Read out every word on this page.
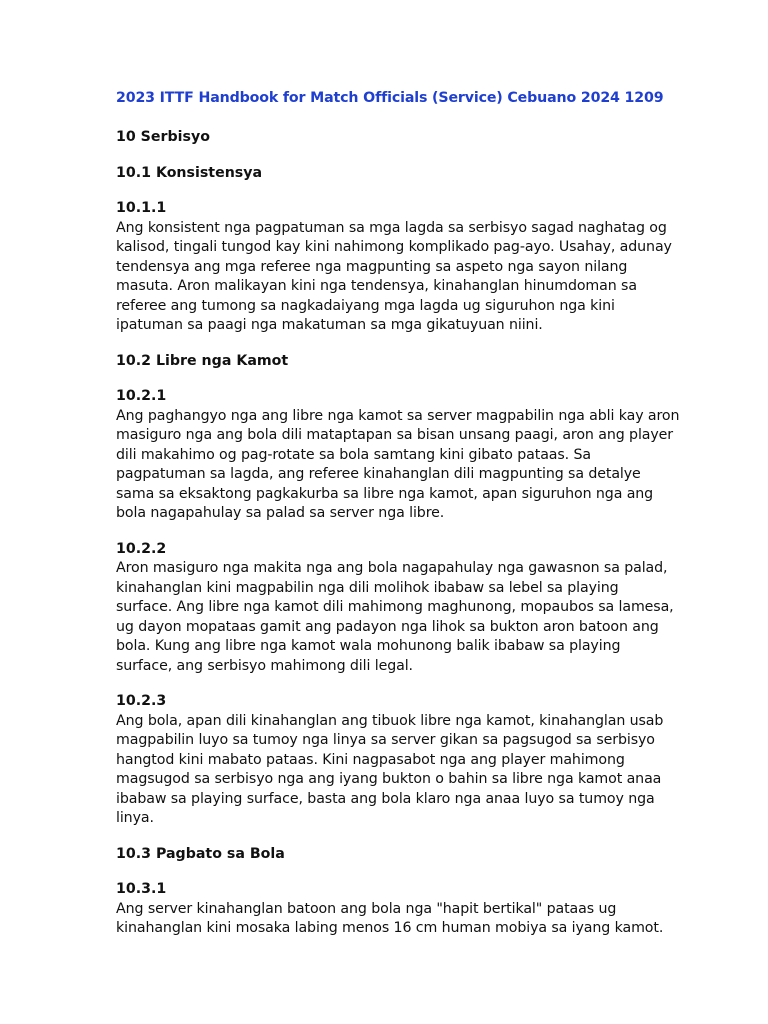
2023 ITTF Handbook for Match Officials (Service) Cebuano 2024 1209
10 Serbisyo
10.1 Konsistensya
10.1.1
Ang konsistent nga pagpatuman sa mga lagda sa serbisyo sagad naghatag og
kalisod, tingali tungod kay kini nahimong komplikado pag-ayo. Usahay, adunay
tendensya ang mga referee nga magpunting sa aspeto nga sayon nilang
masuta. Aron malikayan kini nga tendensya, kinahanglan hinumdoman sa
referee ang tumong sa nagkadaiyang mga lagda ug siguruhon nga kini
ipatuman sa paagi nga makatuman sa mga gikatuyuan niini.
10.2 Libre nga Kamot
10.2.1
Ang paghangyo nga ang libre nga kamot sa server magpabilin nga abli kay aron
masiguro nga ang bola dili mataptapan sa bisan unsang paagi, aron ang player
dili makahimo og pag-rotate sa bola samtang kini gibato pataas. Sa
pagpatuman sa lagda, ang referee kinahanglan dili magpunting sa detalye
sama sa eksaktong pagkakurba sa libre nga kamot, apan siguruhon nga ang
bola nagapahulay sa palad sa server nga libre.
10.2.2
Aron masiguro nga makita nga ang bola nagapahulay nga gawasnon sa palad,
kinahanglan kini magpabilin nga dili molihok ibabaw sa lebel sa playing
surface. Ang libre nga kamot dili mahimong maghunong, mopaubos sa lamesa,
ug dayon mopataas gamit ang padayon nga lihok sa bukton aron batoon ang
bola. Kung ang libre nga kamot wala mohunong balik ibabaw sa playing
surface, ang serbisyo mahimong dili legal.
10.2.3
Ang bola, apan dili kinahanglan ang tibuok libre nga kamot, kinahanglan usab
magpabilin luyo sa tumoy nga linya sa server gikan sa pagsugod sa serbisyo
hangtod kini mabato pataas. Kini nagpasabot nga ang player mahimong
magsugod sa serbisyo nga ang iyang bukton o bahin sa libre nga kamot anaa
ibabaw sa playing surface, basta ang bola klaro nga anaa luyo sa tumoy nga
linya.
10.3 Pagbato sa Bola
10.3.1
Ang server kinahanglan batoon ang bola nga "hapit bertikal" pataas ug
kinahanglan kini mosaka labing menos 16 cm human mobiya sa iyang kamot.
